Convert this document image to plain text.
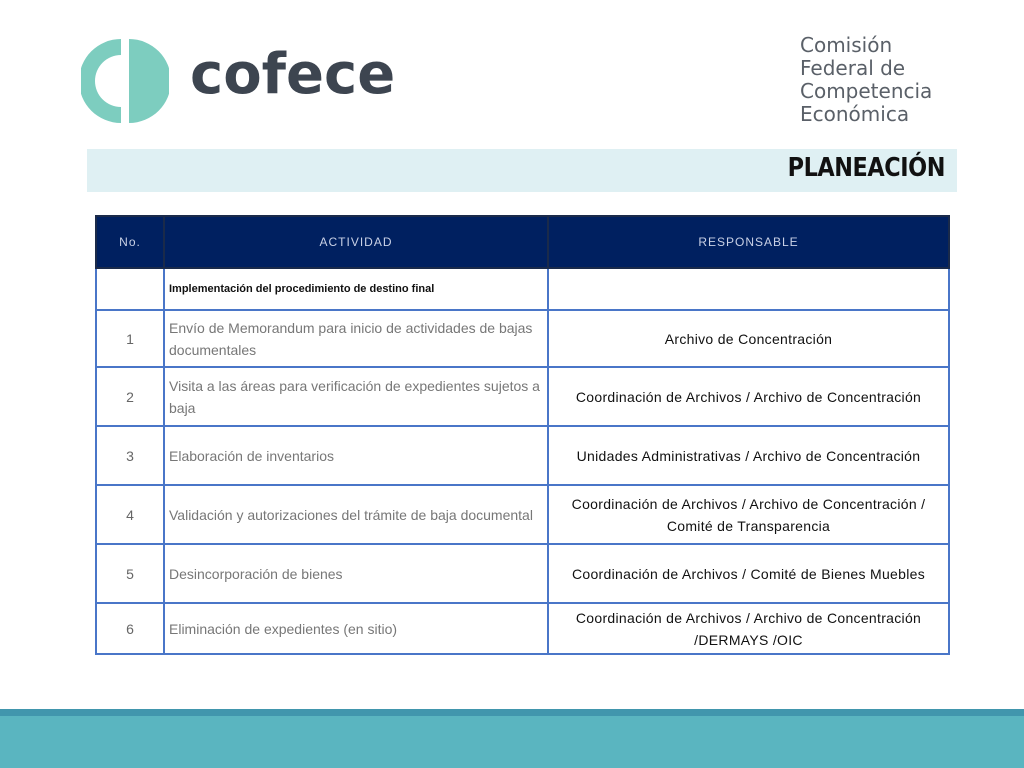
cofece	Comisión
Federal de
Competencia
Económica
PLANEACIÓN
No.	ACTIVIDAD	RESPONSABLE
	Implementación del procedimiento de destino final	
1	Envío de Memorandum para inicio de actividades de bajas documentales	Archivo de Concentración
2	Visita a las áreas para verificación de expedientes sujetos a baja	Coordinación de Archivos / Archivo de Concentración
3	Elaboración de inventarios	Unidades Administrativas / Archivo de Concentración
4	Validación y autorizaciones del trámite de baja documental	Coordinación de Archivos / Archivo de Concentración / Comité de Transparencia
5	Desincorporación de bienes	Coordinación de Archivos / Comité de Bienes Muebles
6	Eliminación de expedientes (en sitio)	Coordinación de Archivos / Archivo de Concentración /DERMAYS /OIC
